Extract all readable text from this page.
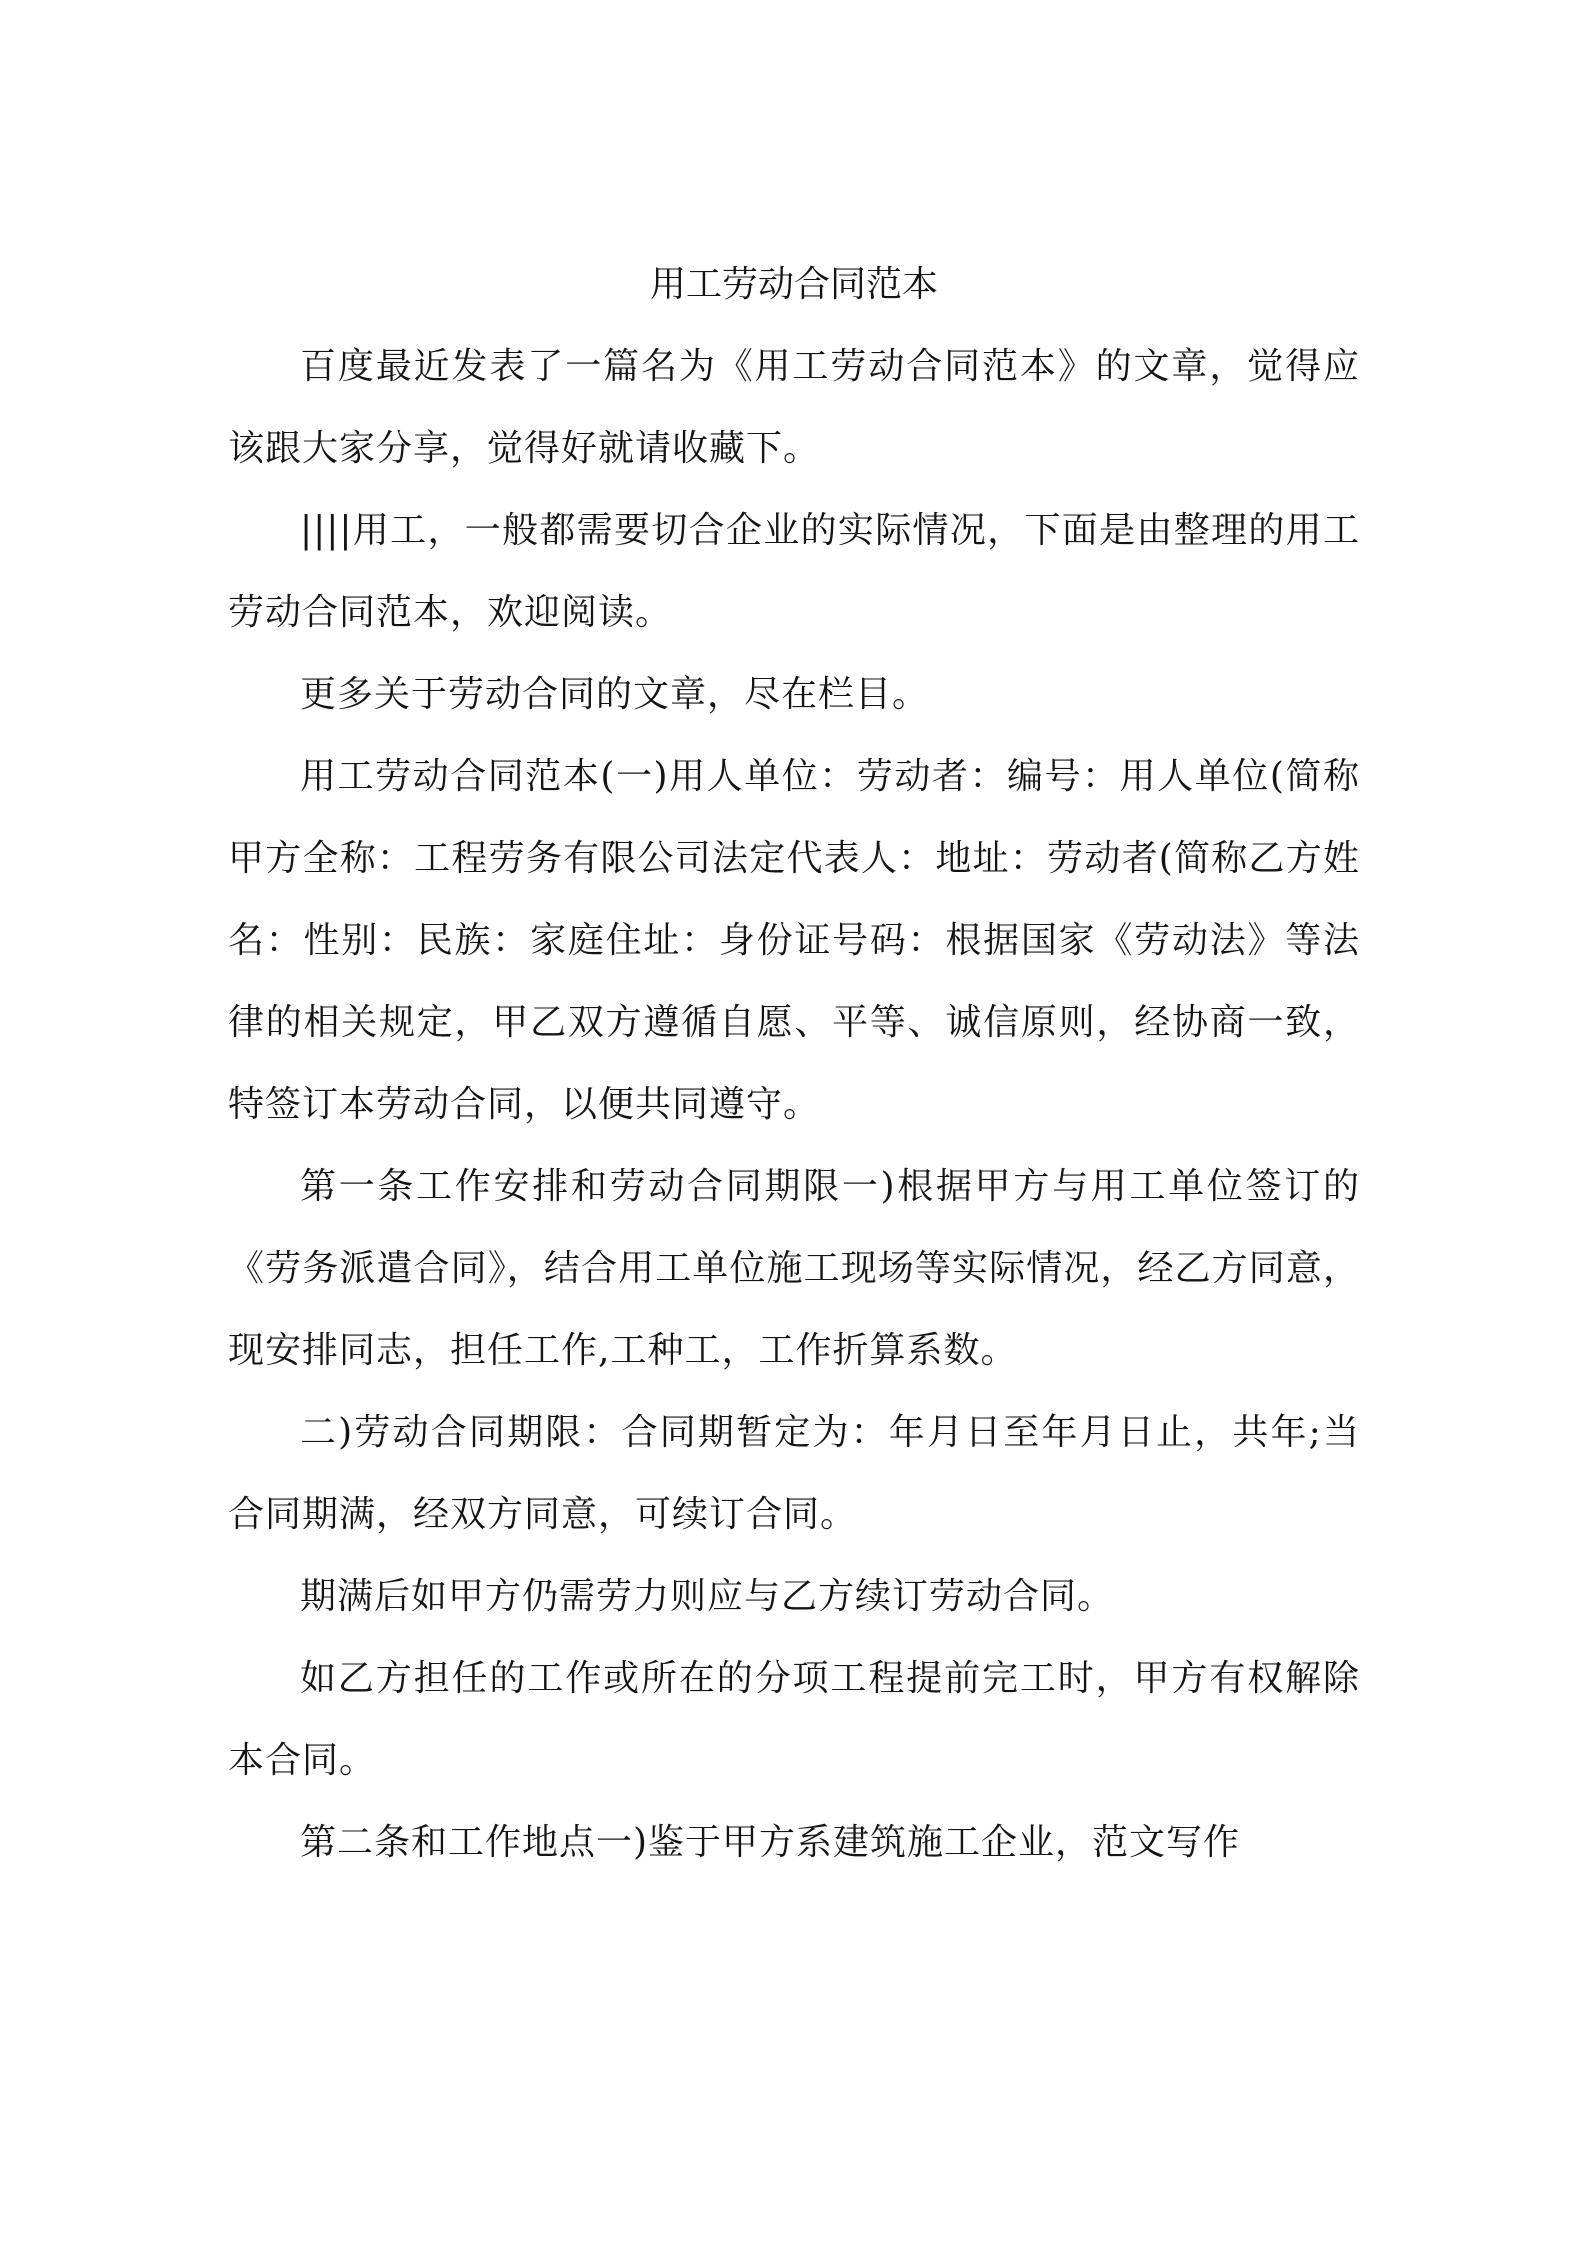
用工劳动合同范本

百度最近发表了一篇名为《用工劳动合同范本》的文章，觉得应该跟大家分享，觉得好就请收藏下。

||||用工，一般都需要切合企业的实际情况，下面是由整理的用工劳动合同范本，欢迎阅读。

更多关于劳动合同的文章，尽在栏目。

用工劳动合同范本(一)用人单位：劳动者：编号：用人单位(简称甲方全称：工程劳务有限公司法定代表人：地址：劳动者(简称乙方姓名：性别：民族：家庭住址：身份证号码：根据国家《劳动法》等法律的相关规定，甲乙双方遵循自愿、平等、诚信原则，经协商一致，特签订本劳动合同，以便共同遵守。

第一条工作安排和劳动合同期限一)根据甲方与用工单位签订的《劳务派遣合同》，结合用工单位施工现场等实际情况，经乙方同意，现安排同志，担任工作,工种工，工作折算系数。

二)劳动合同期限：合同期暂定为：年月日至年月日止，共年;当合同期满，经双方同意，可续订合同。

期满后如甲方仍需劳力则应与乙方续订劳动合同。

如乙方担任的工作或所在的分项工程提前完工时，甲方有权解除本合同。

第二条和工作地点一)鉴于甲方系建筑施工企业，范文写作
